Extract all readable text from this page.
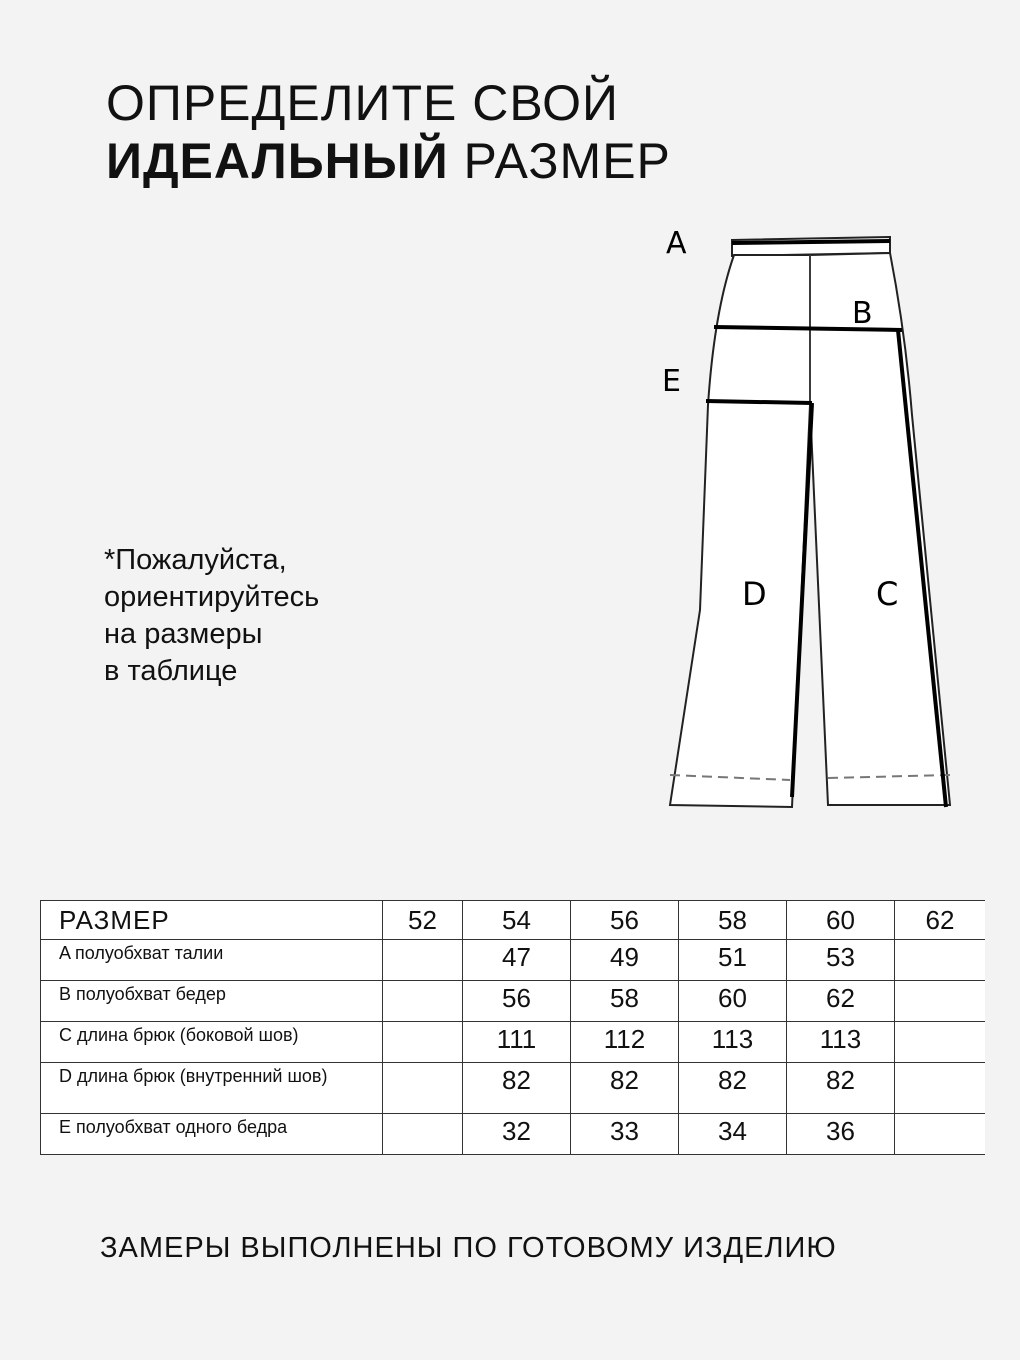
ОПРЕДЕЛИТЕ СВОЙ
ИДЕАЛЬНЫЙ РАЗМЕР
*Пожалуйста,
ориентируйтесь
на размеры
в таблице
A
B
E
D	C
РАЗМЕР	52	54	56	58	60	62
A полуобхват талии		47	49	51	53	
B полуобхват бедер		56	58	60	62	
C длина брюк (боковой шов)		111	112	113	113	
D длина брюк (внутренний шов)		82	82	82	82	
E полуобхват одного бедра		32	33	34	36	
ЗАМЕРЫ ВЫПОЛНЕНЫ ПО ГОТОВОМУ ИЗДЕЛИЮ
